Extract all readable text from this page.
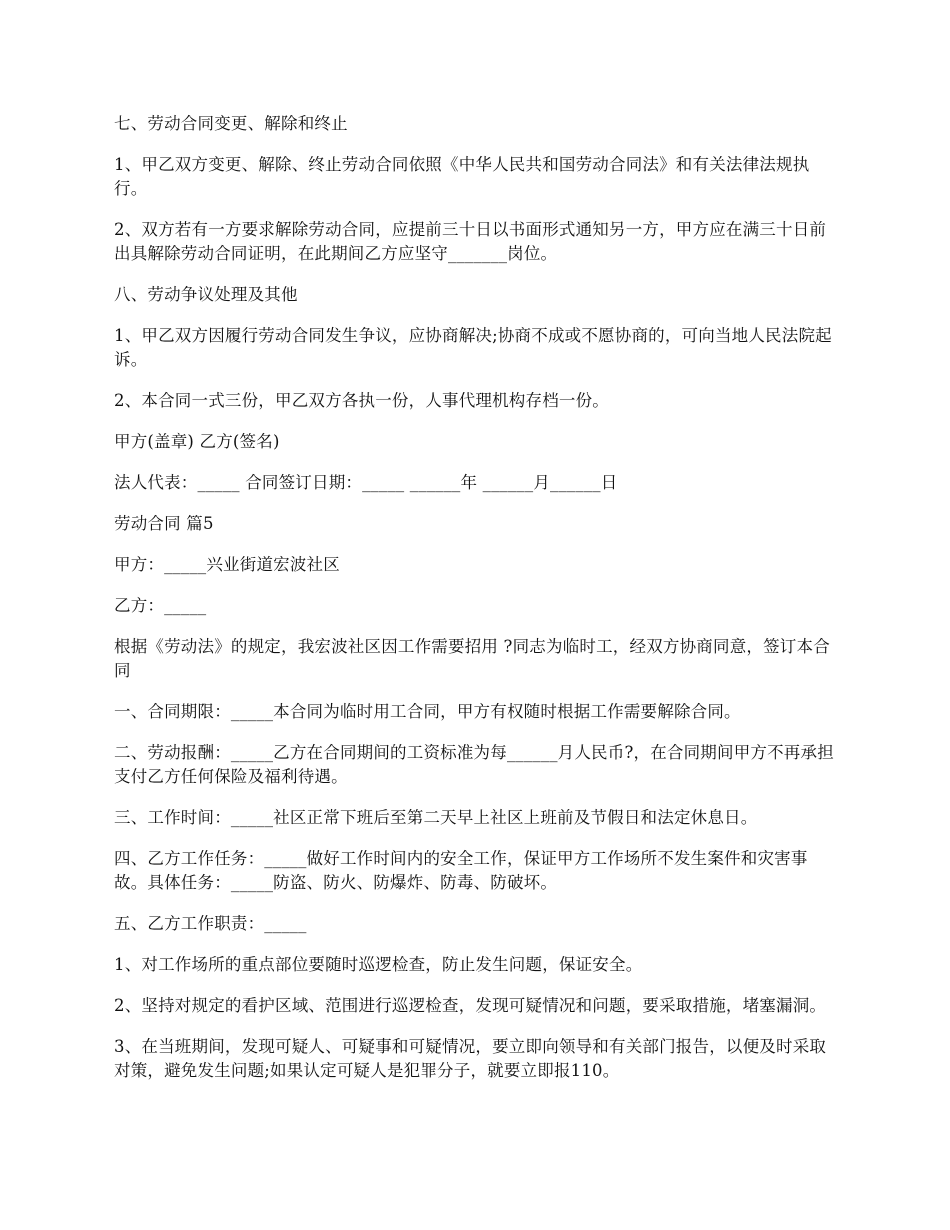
七、劳动合同变更、解除和终止

1、甲乙双方变更、解除、终止劳动合同依照《中华人民共和国劳动合同法》和有关法律法规执行。

2、双方若有一方要求解除劳动合同，应提前三十日以书面形式通知另一方，甲方应在满三十日前出具解除劳动合同证明，在此期间乙方应坚守_______岗位。

八、劳动争议处理及其他

1、甲乙双方因履行劳动合同发生争议，应协商解决;协商不成或不愿协商的，可向当地人民法院起诉。

2、本合同一式三份，甲乙双方各执一份，人事代理机构存档一份。

甲方(盖章) 乙方(签名)

法人代表：_____ 合同签订日期：_____ ______年 ______月______日

劳动合同 篇5

甲方：_____兴业街道宏波社区

乙方：_____

根据《劳动法》的规定，我宏波社区因工作需要招用 ?同志为临时工，经双方协商同意，签订本合同

一、合同期限：_____本合同为临时用工合同，甲方有权随时根据工作需要解除合同。

二、劳动报酬：_____乙方在合同期间的工资标准为每______月人民币?，在合同期间甲方不再承担支付乙方任何保险及福利待遇。

三、工作时间：_____社区正常下班后至第二天早上社区上班前及节假日和法定休息日。

四、乙方工作任务：_____做好工作时间内的安全工作，保证甲方工作场所不发生案件和灾害事故。具体任务：_____防盗、防火、防爆炸、防毒、防破坏。

五、乙方工作职责：_____

1、对工作场所的重点部位要随时巡逻检查，防止发生问题，保证安全。

2、坚持对规定的看护区域、范围进行巡逻检查，发现可疑情况和问题，要采取措施，堵塞漏洞。

3、在当班期间，发现可疑人、可疑事和可疑情况，要立即向领导和有关部门报告，以便及时采取对策，避免发生问题;如果认定可疑人是犯罪分子，就要立即报110。
